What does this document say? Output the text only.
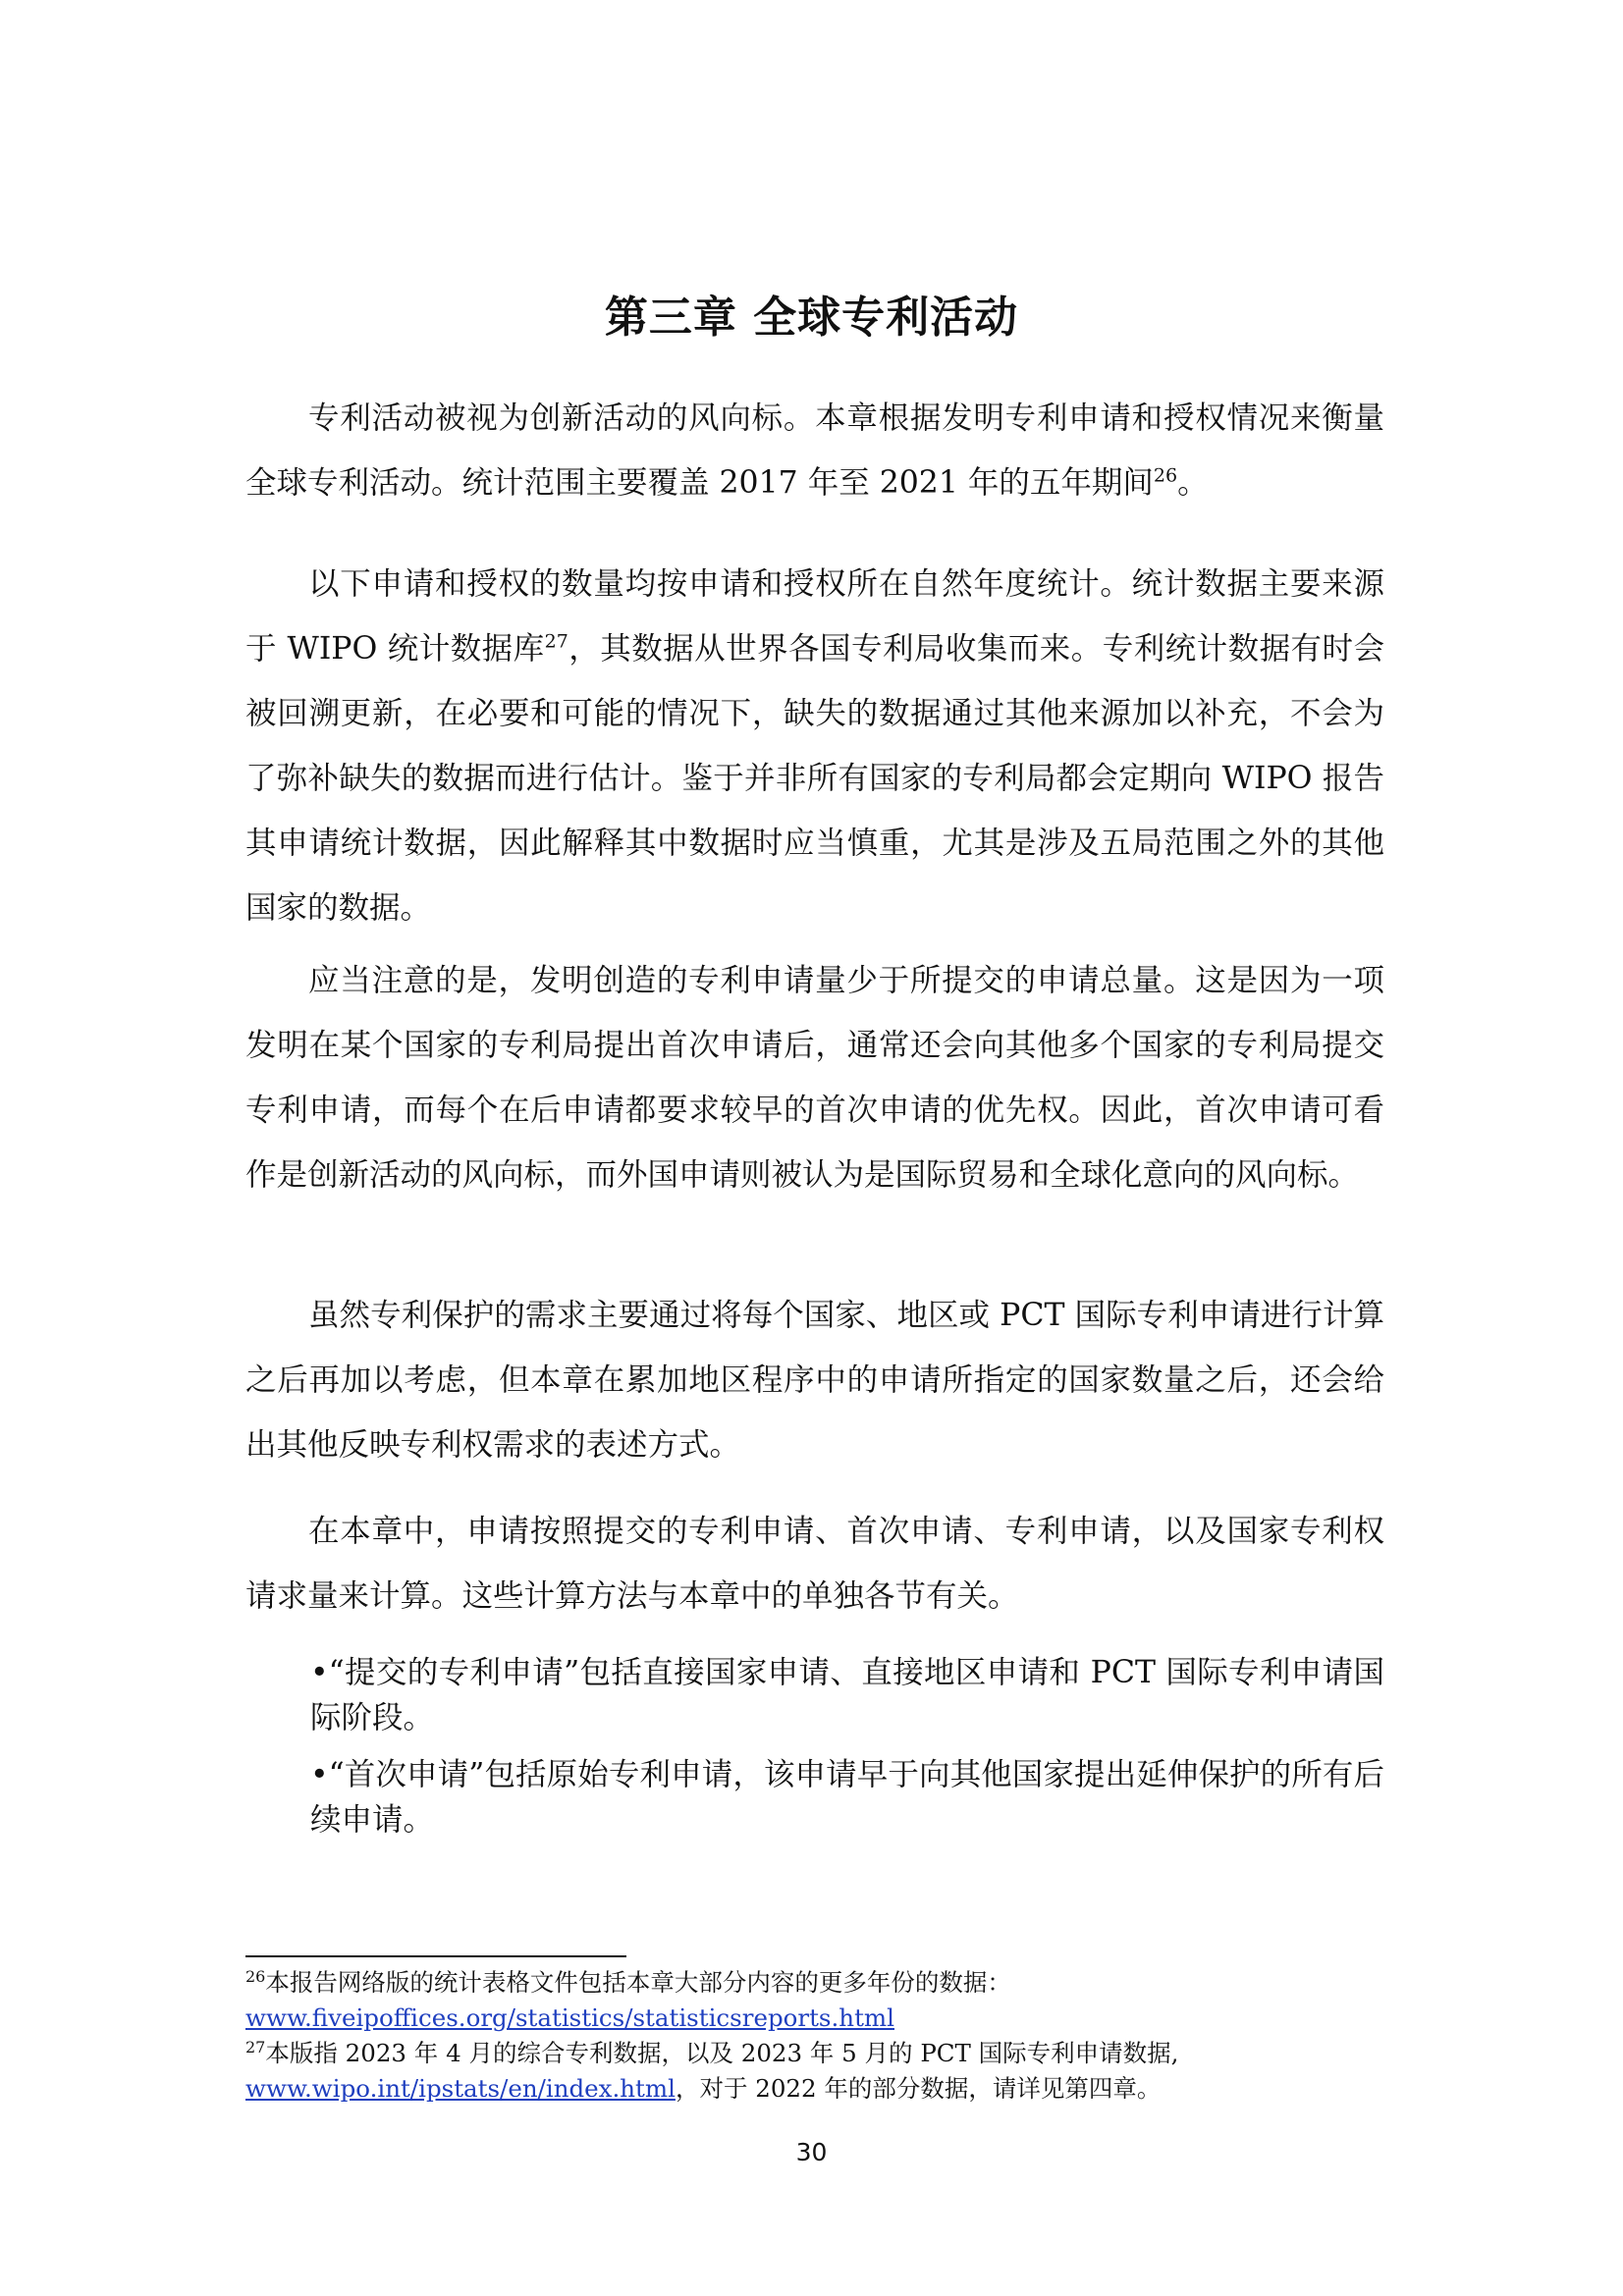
第三章 全球专利活动

专利活动被视为创新活动的风向标。本章根据发明专利申请和授权情况来衡量全球专利活动。统计范围主要覆盖 2017 年至 2021 年的五年期间$^{26}$。

以下申请和授权的数量均按申请和授权所在自然年度统计。统计数据主要来源于 WIPO 统计数据库$^{27}$，其数据从世界各国专利局收集而来。专利统计数据有时会被回溯更新，在必要和可能的情况下，缺失的数据通过其他来源加以补充，不会为了弥补缺失的数据而进行估计。鉴于并非所有国家的专利局都会定期向 WIPO 报告其申请统计数据，因此解释其中数据时应当慎重，尤其是涉及五局范围之外的其他国家的数据。

应当注意的是，发明创造的专利申请量少于所提交的申请总量。这是因为一项发明在某个国家的专利局提出首次申请后，通常还会向其他多个国家的专利局提交专利申请，而每个在后申请都要求较早的首次申请的优先权。因此，首次申请可看作是创新活动的风向标，而外国申请则被认为是国际贸易和全球化意向的风向标。

虽然专利保护的需求主要通过将每个国家、地区或 PCT 国际专利申请进行计算之后再加以考虑，但本章在累加地区程序中的申请所指定的国家数量之后，还会给出其他反映专利权需求的表述方式。

在本章中，申请按照提交的专利申请、首次申请、专利申请，以及国家专利权请求量来计算。这些计算方法与本章中的单独各节有关。

•“提交的专利申请”包括直接国家申请、直接地区申请和 PCT 国际专利申请国际阶段。
•“首次申请”包括原始专利申请，该申请早于向其他国家提出延伸保护的所有后续申请。

$^{26}$本报告网络版的统计表格文件包括本章大部分内容的更多年份的数据：
www.fiveipoffices.org/statistics/statisticsreports.html

$^{27}$本版指 2023 年 4 月的综合专利数据，以及 2023 年 5 月的 PCT 国际专利申请数据, www.wipo.int/ipstats/en/index.html，对于 2022 年的部分数据，请详见第四章。

30
